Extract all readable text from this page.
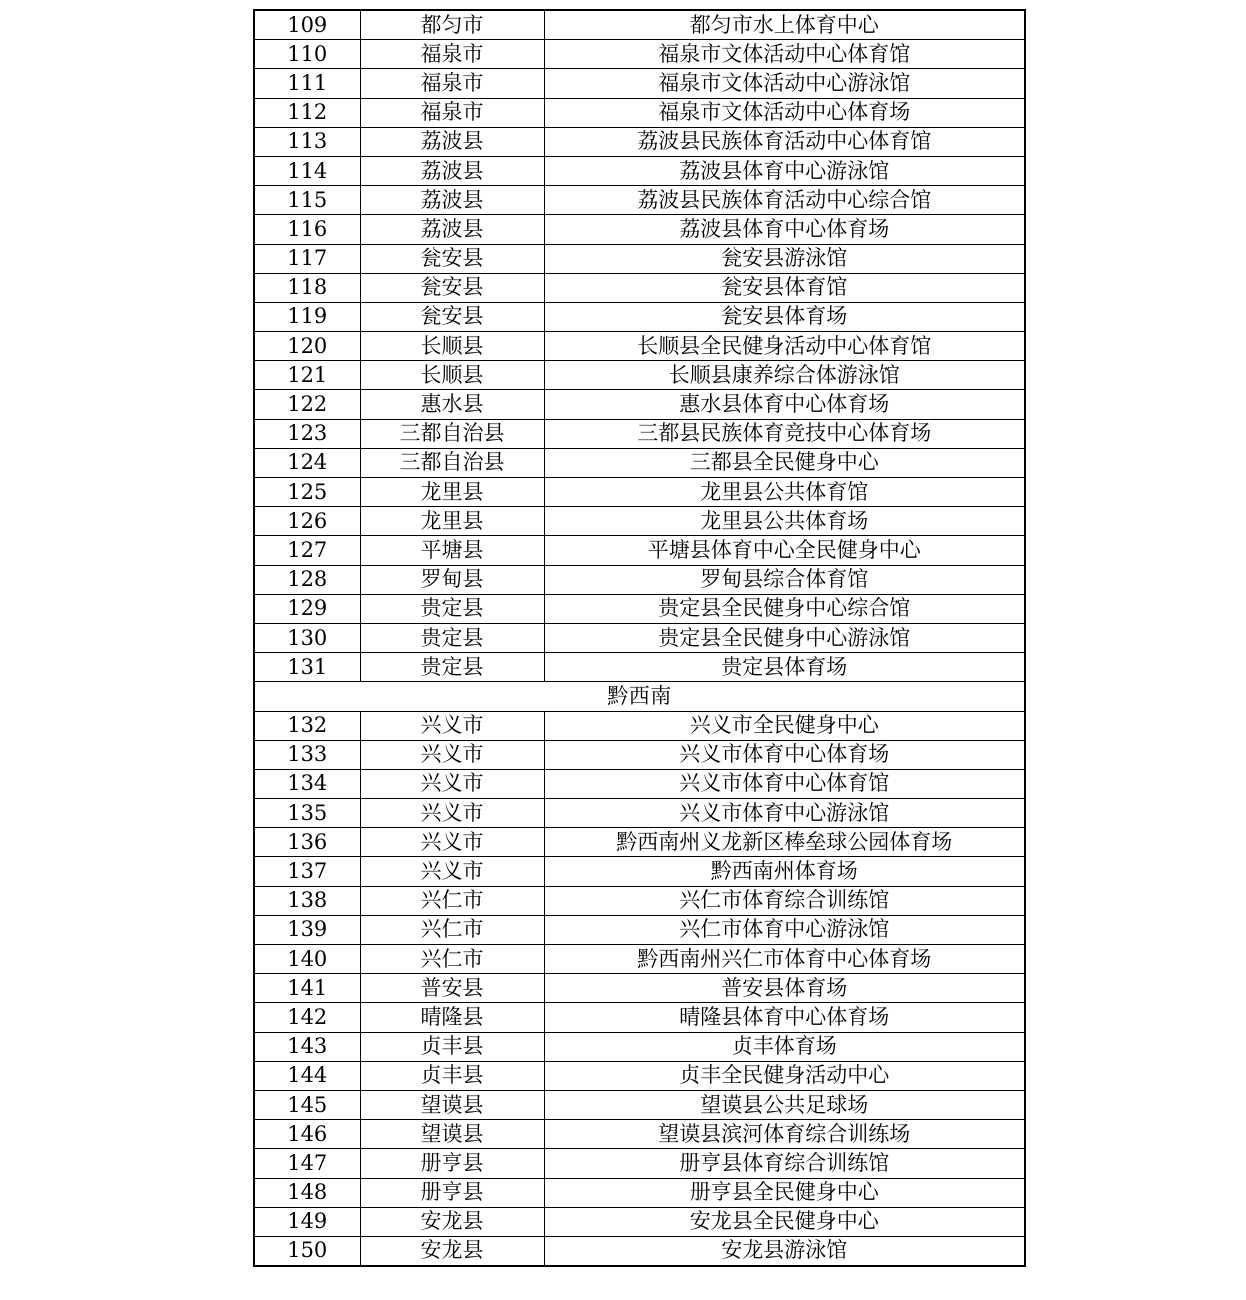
109	都匀市	都匀市水上体育中心
110	福泉市	福泉市文体活动中心体育馆
111	福泉市	福泉市文体活动中心游泳馆
112	福泉市	福泉市文体活动中心体育场
113	荔波县	荔波县民族体育活动中心体育馆
114	荔波县	荔波县体育中心游泳馆
115	荔波县	荔波县民族体育活动中心综合馆
116	荔波县	荔波县体育中心体育场
117	瓮安县	瓮安县游泳馆
118	瓮安县	瓮安县体育馆
119	瓮安县	瓮安县体育场
120	长顺县	长顺县全民健身活动中心体育馆
121	长顺县	长顺县康养综合体游泳馆
122	惠水县	惠水县体育中心体育场
123	三都自治县	三都县民族体育竞技中心体育场
124	三都自治县	三都县全民健身中心
125	龙里县	龙里县公共体育馆
126	龙里县	龙里县公共体育场
127	平塘县	平塘县体育中心全民健身中心
128	罗甸县	罗甸县综合体育馆
129	贵定县	贵定县全民健身中心综合馆
130	贵定县	贵定县全民健身中心游泳馆
131	贵定县	贵定县体育场
黔西南		
132	兴义市	兴义市全民健身中心
133	兴义市	兴义市体育中心体育场
134	兴义市	兴义市体育中心体育馆
135	兴义市	兴义市体育中心游泳馆
136	兴义市	黔西南州义龙新区棒垒球公园体育场
137	兴义市	黔西南州体育场
138	兴仁市	兴仁市体育综合训练馆
139	兴仁市	兴仁市体育中心游泳馆
140	兴仁市	黔西南州兴仁市体育中心体育场
141	普安县	普安县体育场
142	晴隆县	晴隆县体育中心体育场
143	贞丰县	贞丰体育场
144	贞丰县	贞丰全民健身活动中心
145	望谟县	望谟县公共足球场
146	望谟县	望谟县滨河体育综合训练场
147	册亨县	册亨县体育综合训练馆
148	册亨县	册亨县全民健身中心
149	安龙县	安龙县全民健身中心
150	安龙县	安龙县游泳馆
